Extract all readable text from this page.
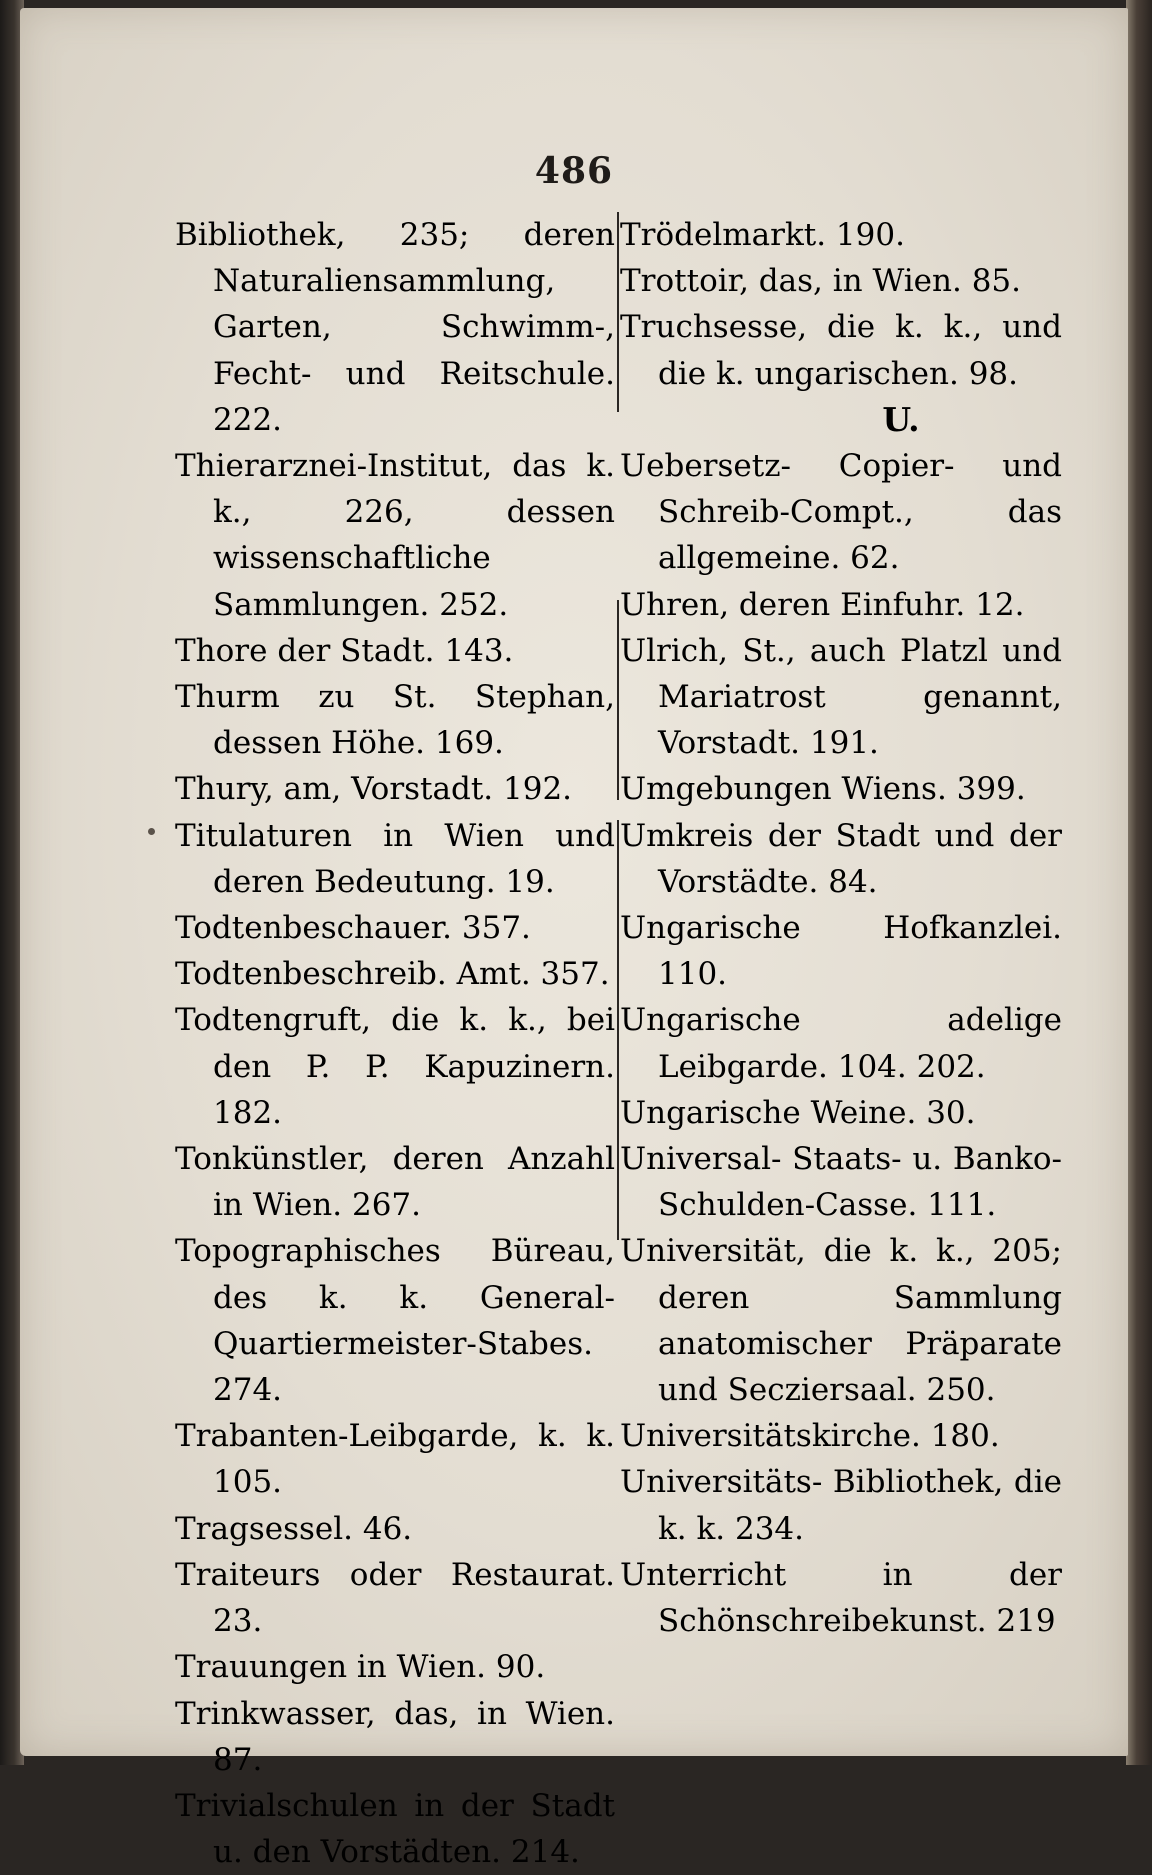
486

Bibliothek, 235; deren Naturaliensammlung, Garten, Schwimm-, Fecht- und Reitschule. 222.

Thierarznei-Institut, das k. k., 226, dessen wissenschaftliche Sammlungen. 252.

Thore der Stadt. 143.

Thurm zu St. Stephan, dessen Höhe. 169.

Thury, am, Vorstadt. 192.

Titulaturen in Wien und deren Bedeutung. 19.

Todtenbeschauer. 357.

Todtenbeschreib. Amt. 357.

Todtengruft, die k. k., bei den P. P. Kapuzinern. 182.

Tonkünstler, deren Anzahl in Wien. 267.

Topographisches Büreau, des k. k. General-Quartiermeister-Stabes. 274.

Trabanten-Leibgarde, k. k. 105.

Tragsessel. 46.

Traiteurs oder Restaurat. 23.

Trauungen in Wien. 90.

Trinkwasser, das, in Wien. 87.

Trivialschulen in der Stadt u. den Vorstädten. 214.

Trödelmarkt. 190.

Trottoir, das, in Wien. 85.

Truchsesse, die k. k., und die k. ungarischen. 98.

U.

Uebersetz- Copier- und Schreib-Compt., das allgemeine. 62.

Uhren, deren Einfuhr. 12.

Ulrich, St., auch Platzl und Mariatrost genannt, Vorstadt. 191.

Umgebungen Wiens. 399.

Umkreis der Stadt und der Vorstädte. 84.

Ungarische Hofkanzlei. 110.

Ungarische adelige Leibgarde. 104. 202.

Ungarische Weine. 30.

Universal- Staats- u. Banko-Schulden-Casse. 111.

Universität, die k. k., 205; deren Sammlung anatomischer Präparate und Secziersaal. 250.

Universitätskirche. 180.

Universitäts- Bibliothek, die k. k. 234.

Unterricht in der Schönschreibekunst. 219
